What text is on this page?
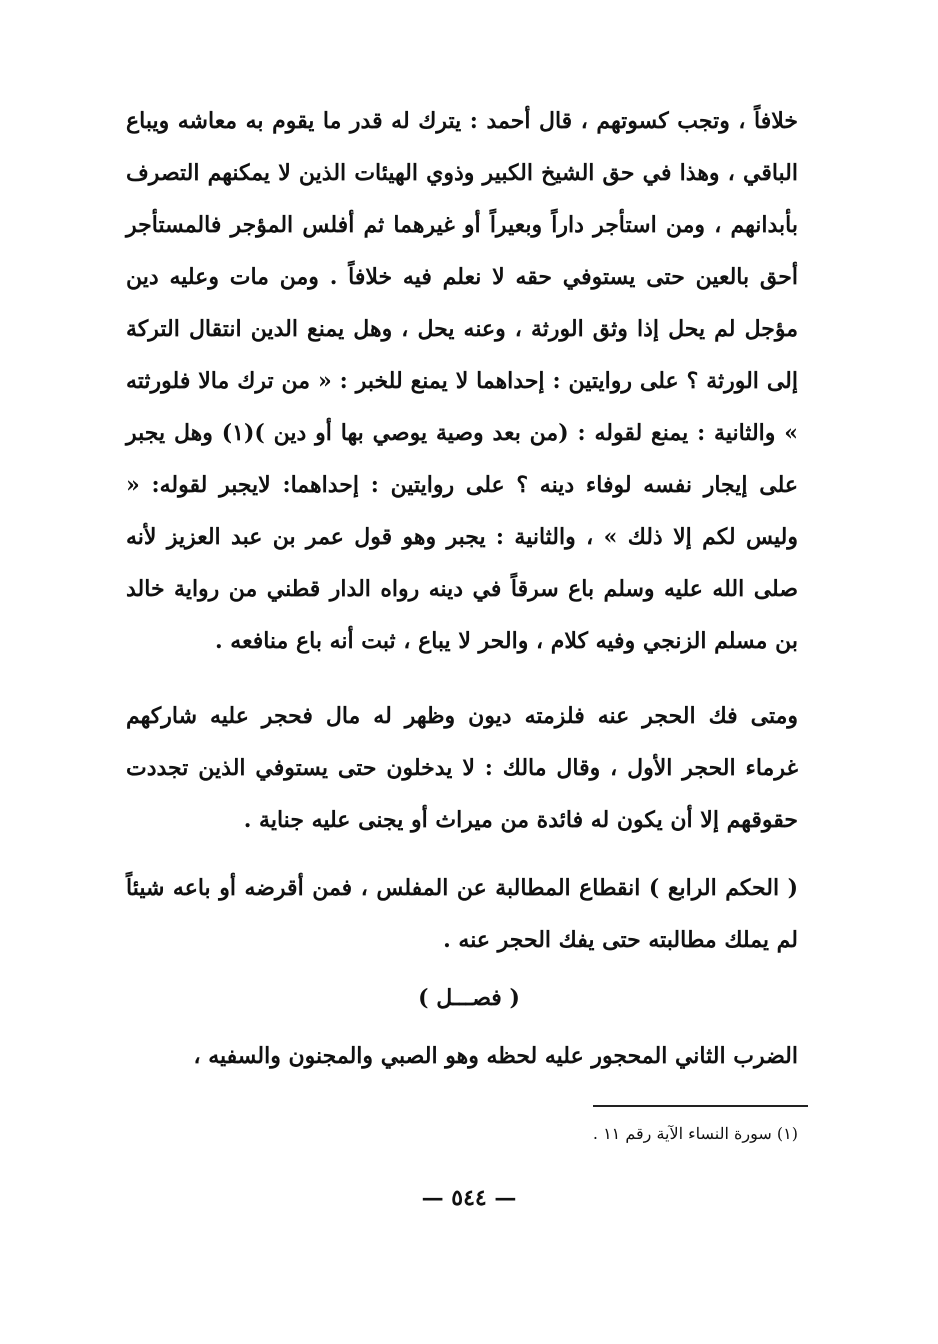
خلافاً ، وتجب كسوتهم ، قال أحمد : يترك له قدر ما يقوم به معاشه ويباع الباقي ، وهذا في حق الشيخ الكبير وذوي الهيئات الذين لا يمكنهم التصرف بأبدانهم ، ومن استأجر داراً وبعيراً أو غيرهما ثم أفلس المؤجر فالمستأجر أحق بالعين حتى يستوفي حقه لا نعلم فيه خلافاً . ومن مات وعليه دين مؤجل لم يحل إذا وثق الورثة ، وعنه يحل ، وهل يمنع الدين انتقال التركة إلى الورثة ؟ على روايتين : إحداهما لا يمنع للخبر : « من ترك مالا فلورثته » والثانية : يمنع لقوله : (من بعد وصية يوصي بها أو دين )(١) وهل يجبر على إيجار نفسه لوفاء دينه ؟ على روايتين : إحداهما: لايجبر لقوله: « وليس لكم إلا ذلك » ، والثانية : يجبر وهو قول عمر بن عبد العزيز لأنه صلى الله عليه وسلم باع سرقاً في دينه رواه الدار قطني من رواية خالد بن مسلم الزنجي وفيه كلام ، والحر لا يباع ، ثبت أنه باع منافعه .

ومتى فك الحجر عنه فلزمته ديون وظهر له مال فحجر عليه شاركهم غرماء الحجر الأول ، وقال مالك : لا يدخلون حتى يستوفي الذين تجددت حقوقهم إلا أن يكون له فائدة من ميراث أو يجنى عليه جناية .

( الحكم الرابع ) انقطاع المطالبة عن المفلس ، فمن أقرضه أو باعه شيئاً لم يملك مطالبته حتى يفك الحجر عنه .

( فصـــل )

الضرب الثاني المحجور عليه لحظه وهو الصبي والمجنون والسفيه ،

(١) سورة النساء الآية رقم ١١ .
— ٥٤٤ —
